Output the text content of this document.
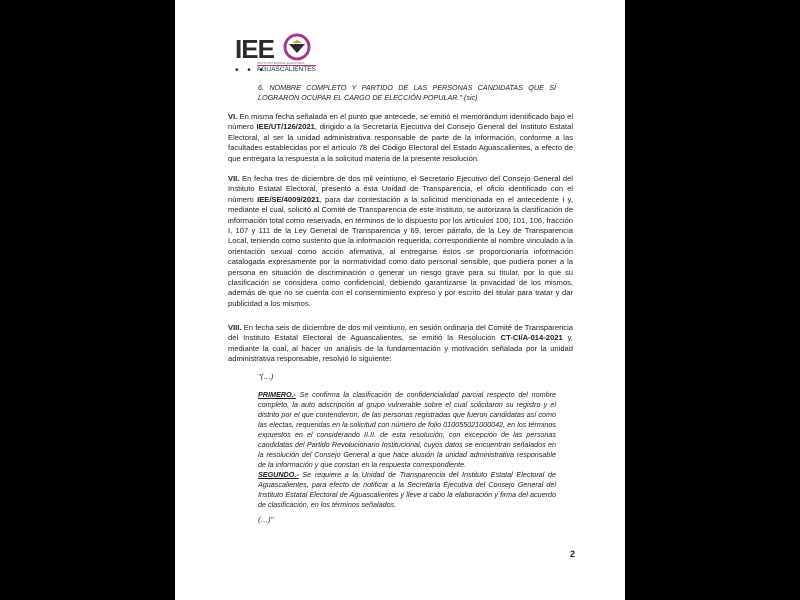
IEE
INSTITUTO ESTATAL ELECTORAL
• • •
AGUASCALIENTES
6. NOMBRE COMPLETO Y PARTIDO DE LAS PERSONAS CANDIDATAS QUE SÍ LOGRARON OCUPAR EL CARGO DE ELECCIÓN POPULAR." (sic)
VI. En misma fecha señalada en el punto que antecede, se emitió el memorándum identificado bajo el número IEE/UT/126/2021, dirigido a la Secretaría Ejecutiva del Consejo General del Instituto Estatal Electoral, al ser la unidad administrativa responsable de parte de la información, conforme a las facultades establecidas por el artículo 78 del Código Electoral del Estado Aguascalientes, a efecto de que entregara la respuesta a la solicitud materia de la presente resolución.
VII. En fecha tres de diciembre de dos mil veintiuno, el Secretario Ejecutivo del Consejo General del Instituto Estatal Electoral, presentó a ésta Unidad de Transparencia, el oficio identificado con el número IEE/SE/4009/2021, para dar contestación a la solicitud mencionada en el antecedente I y, mediante el cual, solicitó al Comité de Transparencia de este Instituto, se autorizara la clasificación de información total como reservada, en términos de lo dispuesto por los artículos 100, 101, 106, fracción I, 107 y 111 de la Ley General de Transparencia y 69, tercer párrafo, de la Ley de Transparencia Local, teniendo como sustento que la información requerida, correspondiente al nombre vinculado a la orientación sexual como acción afirmativa, al entregarse éstos se proporcionaría información catalogada expresamente por la normatividad como dato personal sensible, que pudiera poner a la persona en situación de discriminación o generar un riesgo grave para su titular, por lo que su clasificación se considera como confidencial, debiendo garantizarse la privacidad de los mismos, además de que no se cuenta con el consentimiento expreso y por escrito del titular para tratar y dar publicidad a los mismos.
VIII. En fecha seis de diciembre de dos mil veintiuno, en sesión ordinaria del Comité de Transparencia del Instituto Estatal Electoral de Aguascalientes, se emitió la Resolución CT-CI/A-014-2021 y, mediante la cual, al hacer un análisis de la fundamentación y motivación señalada por la unidad administrativa responsable, resolvió lo siguiente:
"(…)
PRIMERO.- Se confirma la clasificación de confidencialidad parcial respecto del nombre completo, la auto adscripción al grupo vulnerable sobre el cual solicitaron su registro y el distrito por el que contendieron, de las personas registradas que fueron candidatas así como las electas, requeridas en la solicitud con número de folio 010055021000042, en los términos expuestos en el considerando II.II. de esta resolución, con excepción de las personas candidatas del Partido Revolucionario Institucional, cuyos datos se encuentran señalados en la resolución del Consejo General a que hace alusión la unidad administrativa responsable de la información y que constan en la respuesta correspondiente.
SEGUNDO.- Se requiere a la Unidad de Transparencia del Instituto Estatal Electoral de Aguascalientes, para efecto de notificar a la Secretaría Ejecutiva del Consejo General del Instituto Estatal Electoral de Aguascalientes y lleve a cabo la elaboración y firma del acuerdo de clasificación, en los términos señalados.
(…)"
2
